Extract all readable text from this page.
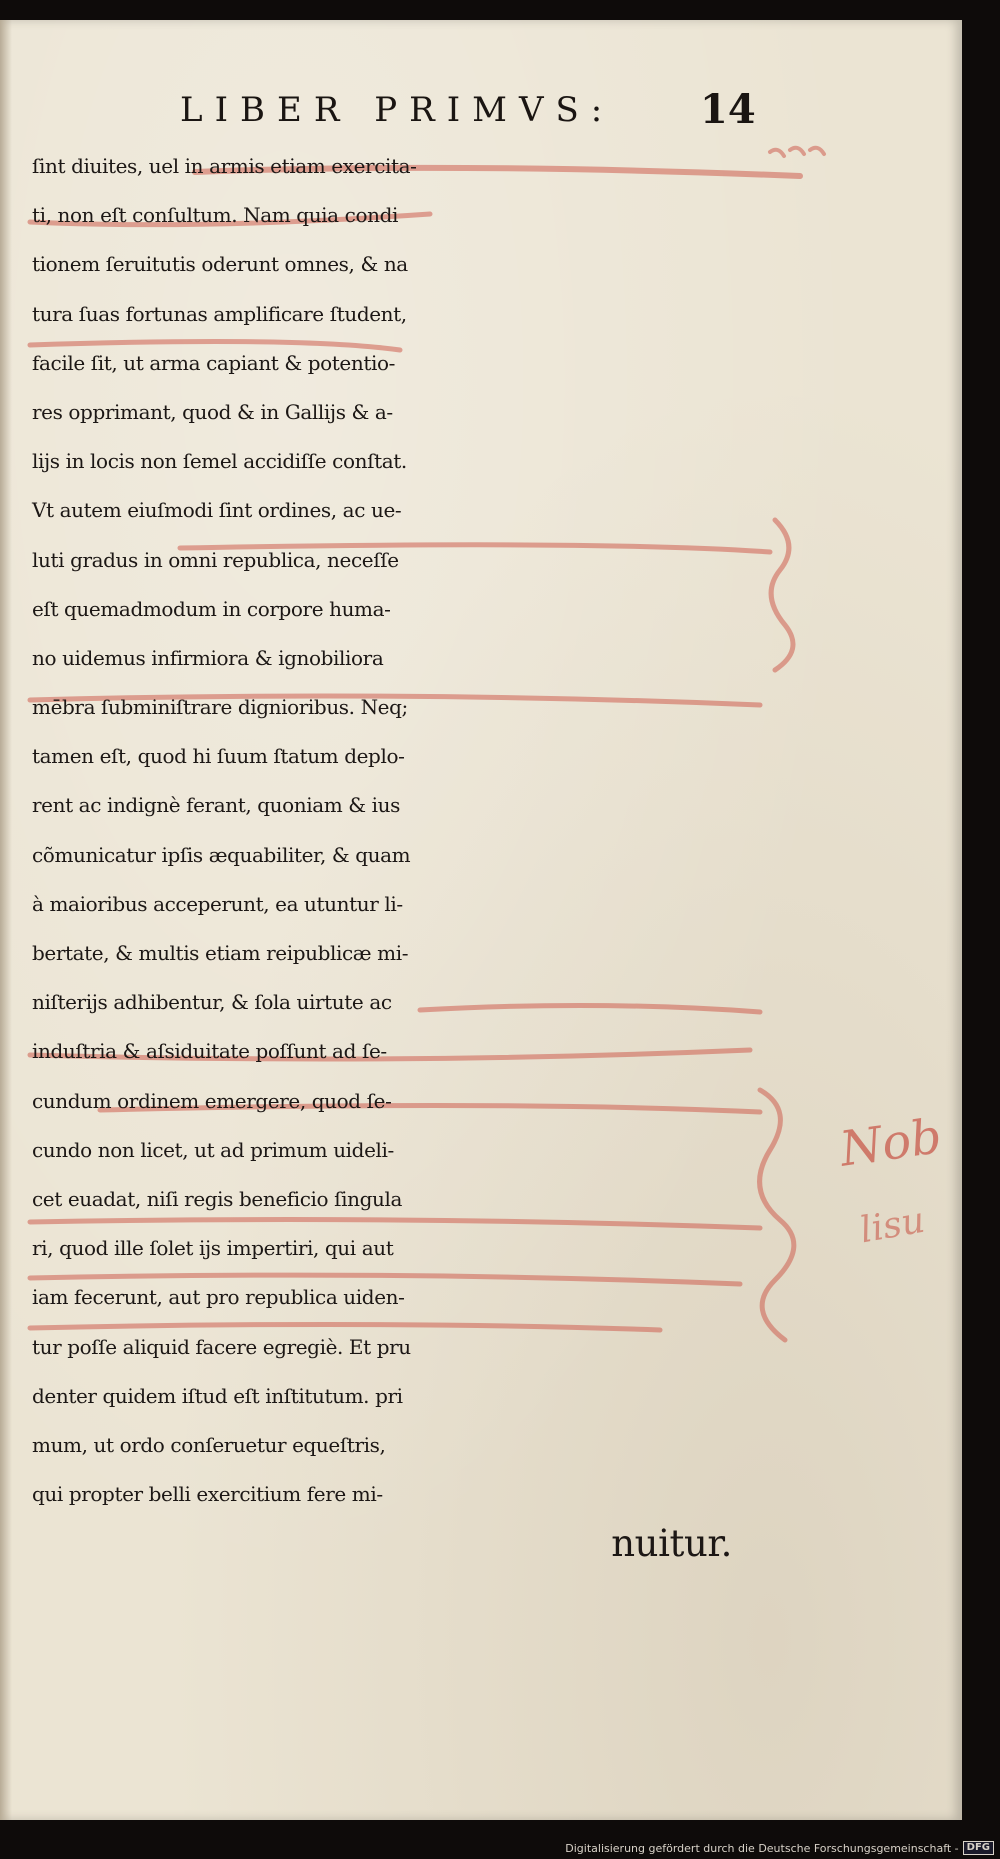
LIBER PRIMVS: 14
ſint diuites, uel in armis etiam exercita‑
ti, non eſt conſultum. Nam quia condi
tionem ſeruitutis oderunt omnes, & na
tura ſuas fortunas amplificare ſtudent,
facile ſit, ut arma capiant & potentio‑
res opprimant, quod & in Gallijs & a‑
lijs in locis non ſemel accidiſſe conſtat.
Vt autem eiuſmodi ſint ordines, ac ue‑
luti gradus in omni republica, neceſſe
eſt quemadmodum in corpore huma‑
no uidemus infirmiora & ignobiliora
mēbra ſubminiſtrare dignioribus. Neq;
tamen eſt, quod hi ſuum ſtatum deplo‑
rent ac indignè ferant, quoniam & ius
cõmunicatur ipſis æquabiliter, & quam
à maioribus acceperunt, ea utuntur li‑
bertate, & multis etiam reipublicæ mi-
niſterijs adhibentur, & ſola uirtute ac
induſtria & aſsiduitate poſſunt ad ſe‑
cundum ordinem emergere, quod ſe-
cundo non licet, ut ad primum uideli‑
cet euadat, niſi regis beneficio ſingula
ri, quod ille ſolet ijs impertiri, qui aut
iam fecerunt, aut pro republica uiden‑
tur poſſe aliquid facere egregiè. Et pru
denter quidem iſtud eſt inſtitutum. pri
mum, ut ordo conſeruetur equeſtris,
qui propter belli exercitium fere mi‑
nuitur.
Nob
lisu
Digitalisierung gefördert durch die Deutsche Forschungsgemeinschaft - DFG
